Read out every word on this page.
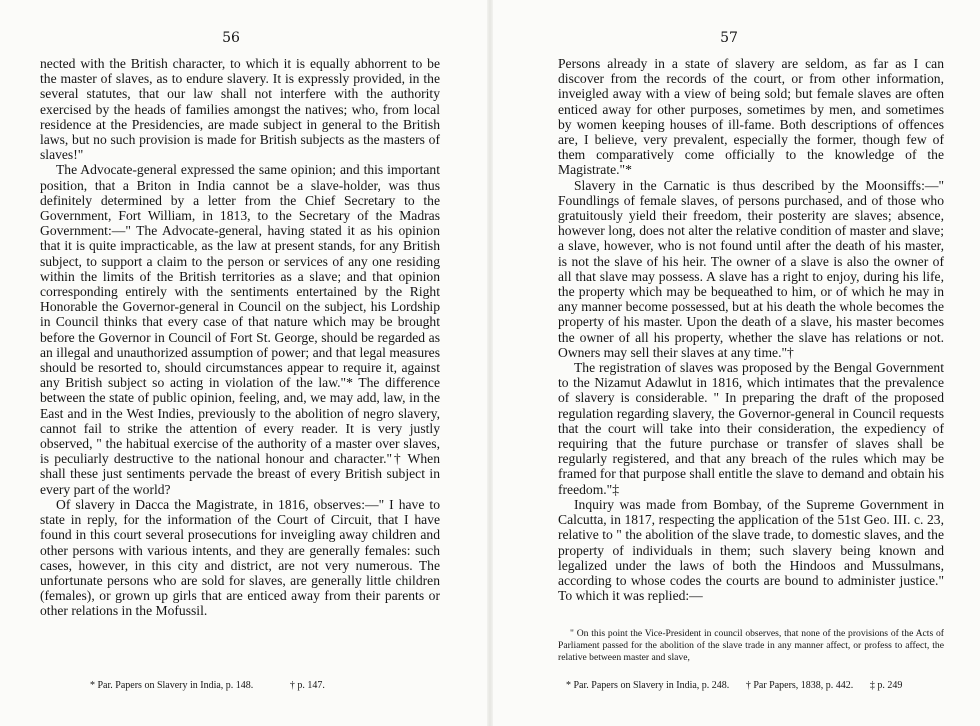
56

nected with the British character, to which it is equally abhorrent to be the master of slaves, as to endure slavery. It is expressly provided, in the several statutes, that our law shall not interfere with the authority exercised by the heads of families amongst the natives; who, from local residence at the Presidencies, are made subject in general to the British laws, but no such provision is made for British subjects as the masters of slaves!"

The Advocate-general expressed the same opinion; and this important position, that a Briton in India cannot be a slave-holder, was thus definitely determined by a letter from the Chief Secretary to the Government, Fort William, in 1813, to the Secretary of the Madras Government:—" The Advocate-general, having stated it as his opinion that it is quite impracticable, as the law at present stands, for any British subject, to support a claim to the person or services of any one residing within the limits of the British territories as a slave; and that opinion corresponding entirely with the sentiments entertained by the Right Honorable the Governor-general in Council on the subject, his Lordship in Council thinks that every case of that nature which may be brought before the Governor in Council of Fort St. George, should be regarded as an illegal and unauthorized assumption of power; and that legal measures should be resorted to, should circumstances appear to require it, against any British subject so acting in violation of the law."* The difference between the state of public opinion, feeling, and, we may add, law, in the East and in the West Indies, previously to the abolition of negro slavery, cannot fail to strike the attention of every reader. It is very justly observed, " the habitual exercise of the authority of a master over slaves, is peculiarly destructive to the national honour and character."† When shall these just sentiments pervade the breast of every British subject in every part of the world?

Of slavery in Dacca the Magistrate, in 1816, observes:—" I have to state in reply, for the information of the Court of Circuit, that I have found in this court several prosecutions for inveigling away children and other persons with various intents, and they are generally females: such cases, however, in this city and district, are not very numerous. The unfortunate persons who are sold for slaves, are generally little children (females), or grown up girls that are enticed away from their parents or other relations in the Mofussil.

* Par. Papers on Slavery in India, p. 148.	† p. 147.
57

Persons already in a state of slavery are seldom, as far as I can discover from the records of the court, or from other information, inveigled away with a view of being sold; but female slaves are often enticed away for other purposes, sometimes by men, and sometimes by women keeping houses of ill-fame. Both descriptions of offences are, I believe, very prevalent, especially the former, though few of them comparatively come officially to the knowledge of the Magistrate."*

Slavery in the Carnatic is thus described by the Moonsiffs:—" Foundlings of female slaves, of persons purchased, and of those who gratuitously yield their freedom, their posterity are slaves; absence, however long, does not alter the relative condition of master and slave; a slave, however, who is not found until after the death of his master, is not the slave of his heir. The owner of a slave is also the owner of all that slave may possess. A slave has a right to enjoy, during his life, the property which may be bequeathed to him, or of which he may in any manner become possessed, but at his death the whole becomes the property of his master. Upon the death of a slave, his master becomes the owner of all his property, whether the slave has relations or not. Owners may sell their slaves at any time."†

The registration of slaves was proposed by the Bengal Government to the Nizamut Adawlut in 1816, which intimates that the prevalence of slavery is considerable. " In preparing the draft of the proposed regulation regarding slavery, the Governor-general in Council requests that the court will take into their consideration, the expediency of requiring that the future purchase or transfer of slaves shall be regularly registered, and that any breach of the rules which may be framed for that purpose shall entitle the slave to demand and obtain his freedom."‡

Inquiry was made from Bombay, of the Supreme Government in Calcutta, in 1817, respecting the application of the 51st Geo. III. c. 23, relative to " the abolition of the slave trade, to domestic slaves, and the property of individuals in them; such slavery being known and legalized under the laws of both the Hindoos and Mussulmans, according to whose codes the courts are bound to administer justice." To which it was replied:—

" On this point the Vice-President in council observes, that none of the provisions of the Acts of Parliament passed for the abolition of the slave trade in any manner affect, or profess to affect, the relative between master and slave,

* Par. Papers on Slavery in India, p. 248. † Par Papers, 1838, p. 442. ‡ p. 249
